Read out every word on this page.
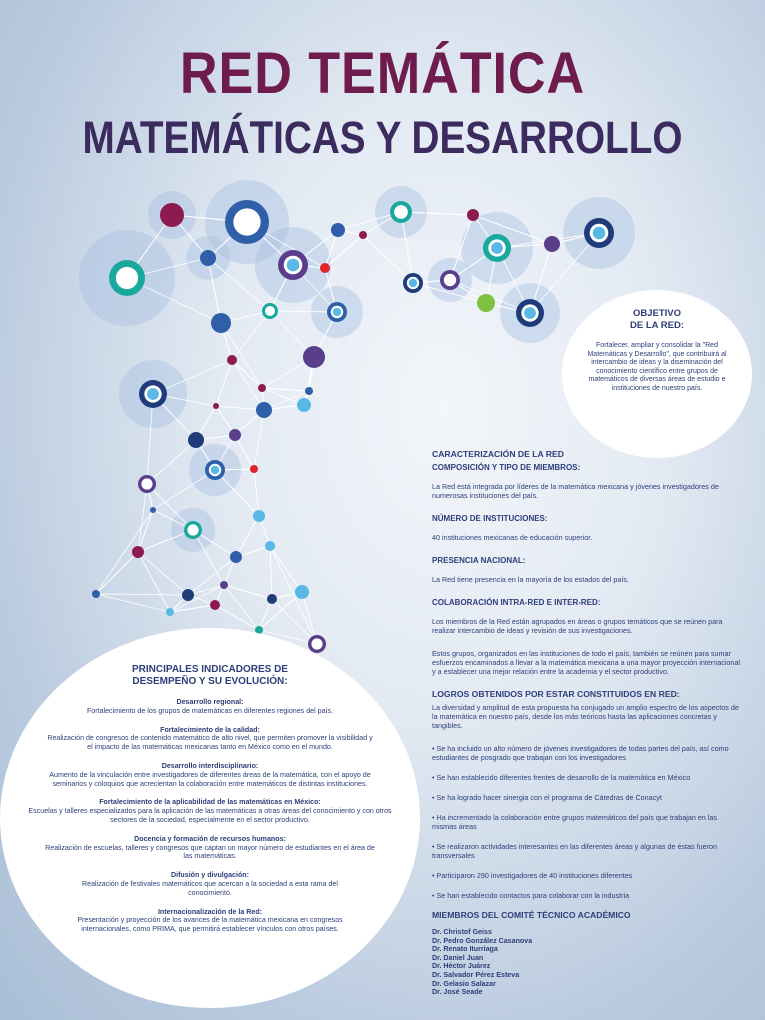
RED TEMÁTICA
MATEMÁTICAS Y DESARROLLO
OBJETIVO
DE LA RED:
Fortalecer, ampliar y consolidar la "Red Matemáticas y Desarrollo", que contribuirá al intercambio de ideas y la diseminación del conocimiento científico entre grupos de matemáticos de diversas áreas de estudio e instituciones de nuestro país.
PRINCIPALES INDICADORES DE DESEMPEÑO Y SU EVOLUCIÓN:
Desarrollo regional:
Fortalecimiento de los grupos de matemáticas en diferentes regiones del país.
Fortalecimiento de la calidad:
Realización de congresos de contenido matemático de alto nivel, que permiten promover la visibilidad y el impacto de las matemáticas mexicanas tanto en México como en el mundo.
Desarrollo interdisciplinario:
Aumento de la vinculación entre investigadores de diferentes áreas de la matemática, con el apoyo de seminarios y coloquios que acrecientan la colaboración entre matemáticos de distintas instituciones.
Fortalecimiento de la aplicabilidad de las matemáticas en México:
Escuelas y talleres especializados para la aplicación de las matemáticas a otras áreas del conocimiento y con otros sectores de la sociedad, especialmente en el sector productivo.
Docencia y formación de recursos humanos:
Realización de escuelas, talleres y congresos que captan un mayor número de estudiantes en el área de las matemáticas.
Difusión y divulgación:
Realización de festivales matemáticos que acercan a la sociedad a esta rama del conocimiento.
Internacionalización de la Red:
Presentación y proyección de los avances de la matemática mexicana en congresos internacionales, como PRIMA, que permitirá establecer vínculos con otros países.
CARACTERIZACIÓN DE LA RED
COMPOSICIÓN Y TIPO DE MIEMBROS:

La Red está integrada por líderes de la matemática mexicana y jóvenes investigadores de numerosas instituciones del país.

NÚMERO DE INSTITUCIONES:

40 instituciones mexicanas de educación superior.

PRESENCIA NACIONAL:

La Red tiene presencia en la mayoría de los estados del país.

COLABORACIÓN INTRA-RED E INTER-RED:

Los miembros de la Red están agrupados en áreas o grupos temáticos que se reúnen para realizar intercambio de ideas y revisión de sus investigaciones.

Estos grupos, organizados en las instituciones de todo el país, también se reúnen para sumar esfuerzos encaminados a llevar a la matemática mexicana a una mayor proyección internacional y a establecer una mejor relación entre la academia y el sector productivo.

LOGROS OBTENIDOS POR ESTAR CONSTITUIDOS EN RED:

La diversidad y amplitud de esta propuesta ha conjugado un amplio espectro de los aspectos de la matemática en nuestro país, desde los más teóricos hasta las aplicaciones concretas y tangibles.

• Se ha incluido un alto número de jóvenes investigadores de todas partes del país, así como estudiantes de posgrado que trabajan con los investigadores
• Se han establecido diferentes frentes de desarrollo de la matemática en México
• Se ha logrado hacer sinergia con el programa de Cátedras de Conacyt
• Ha incrementado la colaboración entre grupos matemáticos del país que trabajan en las mismas áreas
• Se realizaron actividades interesantes en las diferentes áreas y algunas de éstas fueron transversales
• Participaron 290 investigadores de 40 instituciones diferentes
• Se han establecido contactos para colaborar con la industria
MIEMBROS DEL COMITÉ TÉCNICO ACADÉMICO
Dr. Christof Geiss
Dr. Pedro González Casanova
Dr. Renato Iturriaga
Dr. Daniel Juan
Dr. Héctor Juárez
Dr. Salvador Pérez Esteva
Dr. Gelasio Salazar
Dr. José Seade
